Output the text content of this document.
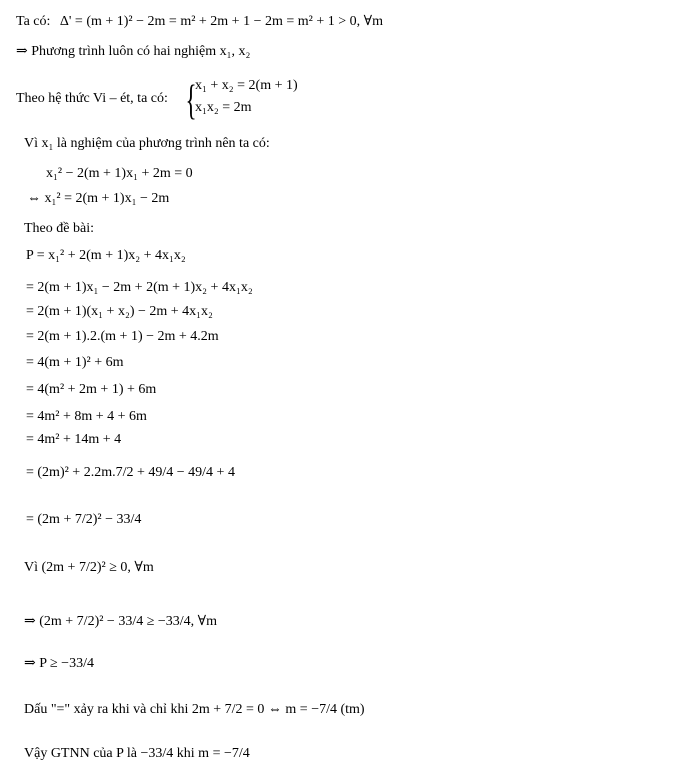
Ta có: Δ' = (m + 1)² − 2m = m² + 2m + 1 − 2m = m² + 1 > 0, ∀m
⇒ Phương trình luôn có hai nghiệm x₁, x₂
Theo hệ thức Vi – ét, ta có: {
x₁ + x₂ = 2(m + 1)
x₁x₂ = 2m
Vì x₁ là nghiệm của phương trình nên ta có:
x₁² − 2(m + 1)x₁ + 2m = 0
⇔ x₁² = 2(m + 1)x₁ − 2m
Theo đề bài:
P = x₁² + 2(m + 1)x₂ + 4x₁x₂
= 2(m + 1)x₁ − 2m + 2(m + 1)x₂ + 4x₁x₂
= 2(m + 1)(x₁ + x₂) − 2m + 4x₁x₂
= 2(m + 1).2.(m + 1) − 2m + 4.2m
= 4(m + 1)² + 6m
= 4(m² + 2m + 1) + 6m
= 4m² + 8m + 4 + 6m
= 4m² + 14m + 4
= (2m)² + 2.2m.7/2 + 49/4 − 49/4 + 4
= (2m + 7/2)² − 33/4
Vì (2m + 7/2)² ≥ 0, ∀m
⇒ (2m + 7/2)² − 33/4 ≥ −33/4, ∀m
⇒ P ≥ −33/4
Dấu "=" xảy ra khi và chỉ khi 2m + 7/2 = 0 ⇔ m = −7/4 (tm)
Vậy GTNN của P là −33/4 khi m = −7/4
